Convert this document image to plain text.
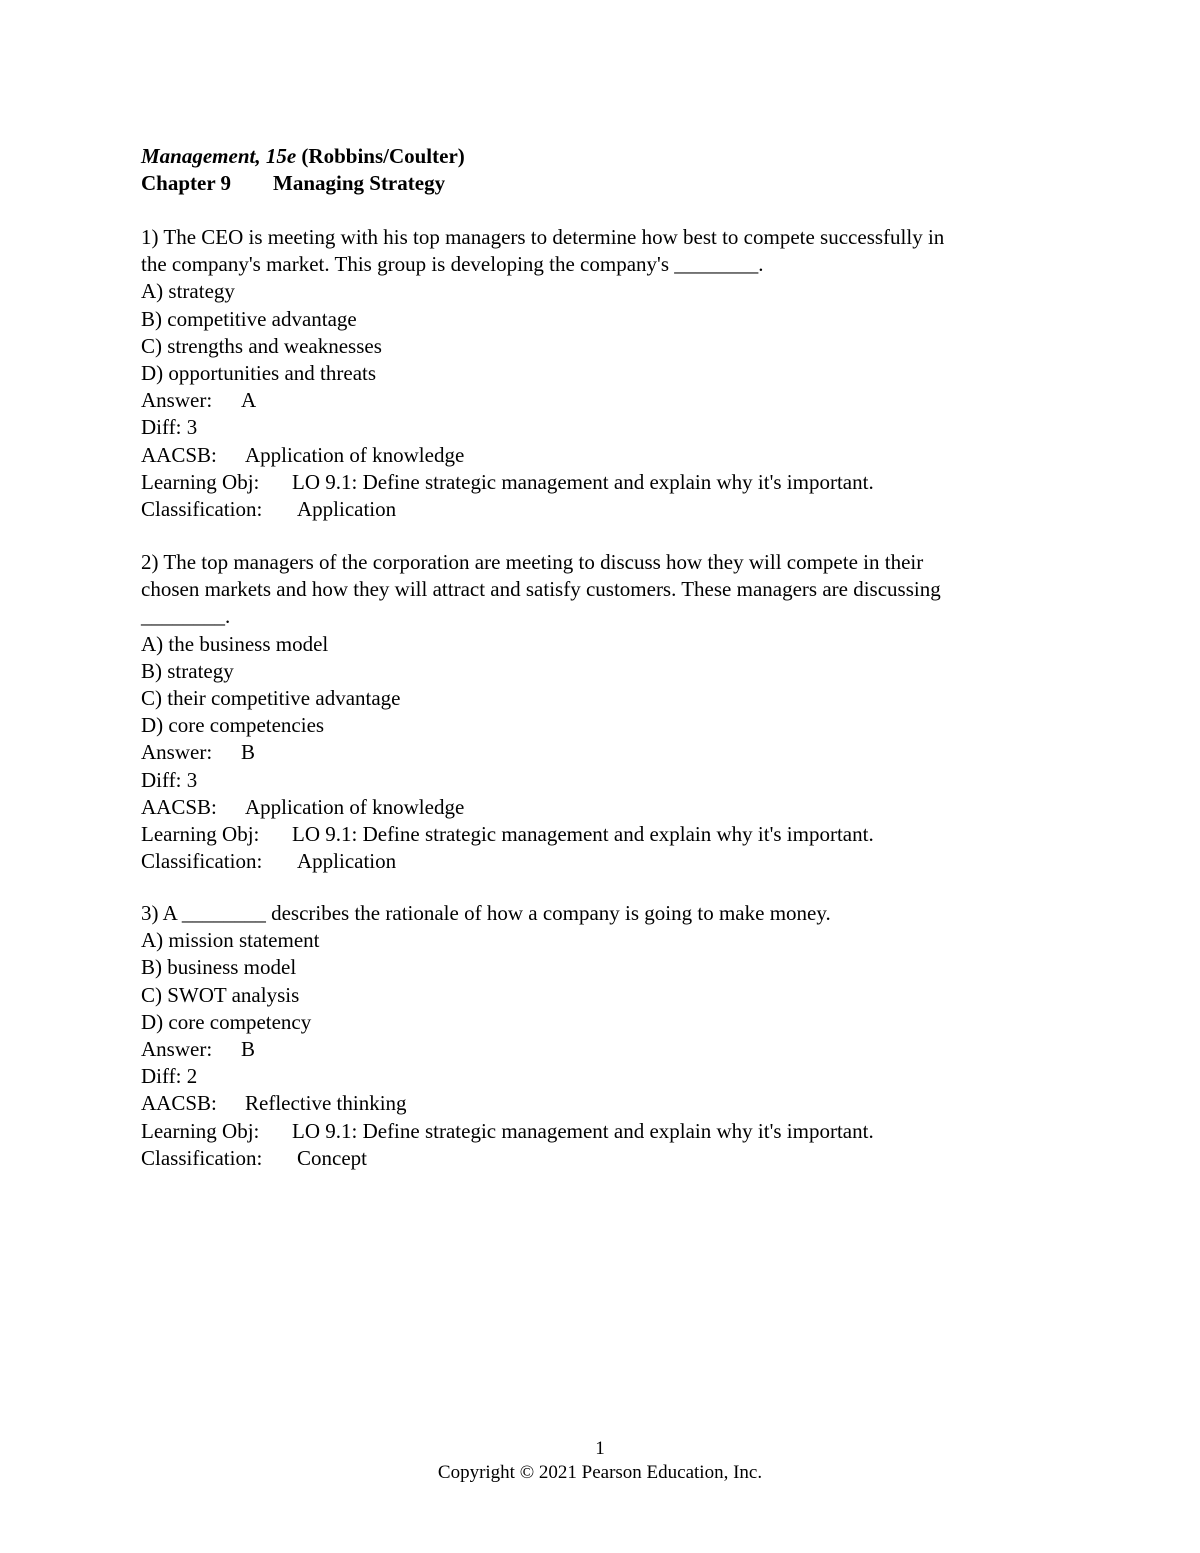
Management, 15e (Robbins/Coulter)
Chapter 9 Managing Strategy
1) The CEO is meeting with his top managers to determine how best to compete successfully in
the company's market. This group is developing the company's ________.
A) strategy
B) competitive advantage
C) strengths and weaknesses
D) opportunities and threats
Answer: A
Diff: 3
AACSB: Application of knowledge
Learning Obj: LO 9.1: Define strategic management and explain why it's important.
Classification: Application
2) The top managers of the corporation are meeting to discuss how they will compete in their
chosen markets and how they will attract and satisfy customers. These managers are discussing
________.
A) the business model
B) strategy
C) their competitive advantage
D) core competencies
Answer: B
Diff: 3
AACSB: Application of knowledge
Learning Obj: LO 9.1: Define strategic management and explain why it's important.
Classification: Application
3) A ________ describes the rationale of how a company is going to make money.
A) mission statement
B) business model
C) SWOT analysis
D) core competency
Answer: B
Diff: 2
AACSB: Reflective thinking
Learning Obj: LO 9.1: Define strategic management and explain why it's important.
Classification: Concept
1
Copyright © 2021 Pearson Education, Inc.
